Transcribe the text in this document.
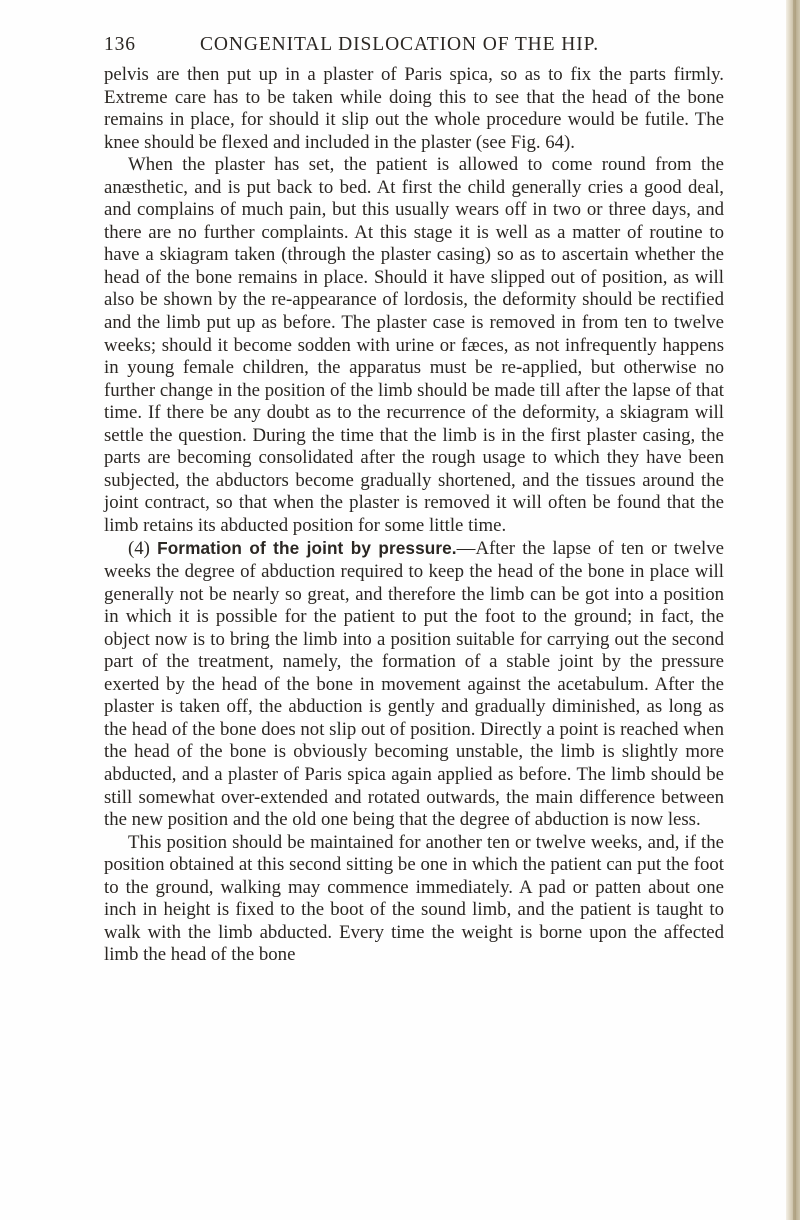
136	CONGENITAL DISLOCATION OF THE HIP.

pelvis are then put up in a plaster of Paris spica, so as to fix the parts firmly. Extreme care has to be taken while doing this to see that the head of the bone remains in place, for should it slip out the whole procedure would be futile. The knee should be flexed and included in the plaster (see Fig. 64).

When the plaster has set, the patient is allowed to come round from the anæsthetic, and is put back to bed. At first the child generally cries a good deal, and complains of much pain, but this usually wears off in two or three days, and there are no further complaints. At this stage it is well as a matter of routine to have a skiagram taken (through the plaster casing) so as to ascertain whether the head of the bone remains in place. Should it have slipped out of position, as will also be shown by the re-appearance of lordosis, the deformity should be rectified and the limb put up as before. The plaster case is removed in from ten to twelve weeks; should it become sodden with urine or fæces, as not infrequently happens in young female children, the apparatus must be re-applied, but otherwise no further change in the position of the limb should be made till after the lapse of that time. If there be any doubt as to the recurrence of the deformity, a skiagram will settle the question. During the time that the limb is in the first plaster casing, the parts are becoming consolidated after the rough usage to which they have been subjected, the abductors become gradually shortened, and the tissues around the joint contract, so that when the plaster is removed it will often be found that the limb retains its abducted position for some little time.

(4) Formation of the joint by pressure.—After the lapse of ten or twelve weeks the degree of abduction required to keep the head of the bone in place will generally not be nearly so great, and therefore the limb can be got into a position in which it is possible for the patient to put the foot to the ground; in fact, the object now is to bring the limb into a position suitable for carrying out the second part of the treatment, namely, the formation of a stable joint by the pressure exerted by the head of the bone in movement against the acetabulum. After the plaster is taken off, the abduction is gently and gradually diminished, as long as the head of the bone does not slip out of position. Directly a point is reached when the head of the bone is obviously becoming unstable, the limb is slightly more abducted, and a plaster of Paris spica again applied as before. The limb should be still somewhat over-extended and rotated outwards, the main difference between the new position and the old one being that the degree of abduction is now less.

This position should be maintained for another ten or twelve weeks, and, if the position obtained at this second sitting be one in which the patient can put the foot to the ground, walking may commence immediately. A pad or patten about one inch in height is fixed to the boot of the sound limb, and the patient is taught to walk with the limb abducted. Every time the weight is borne upon the affected limb the head of the bone
